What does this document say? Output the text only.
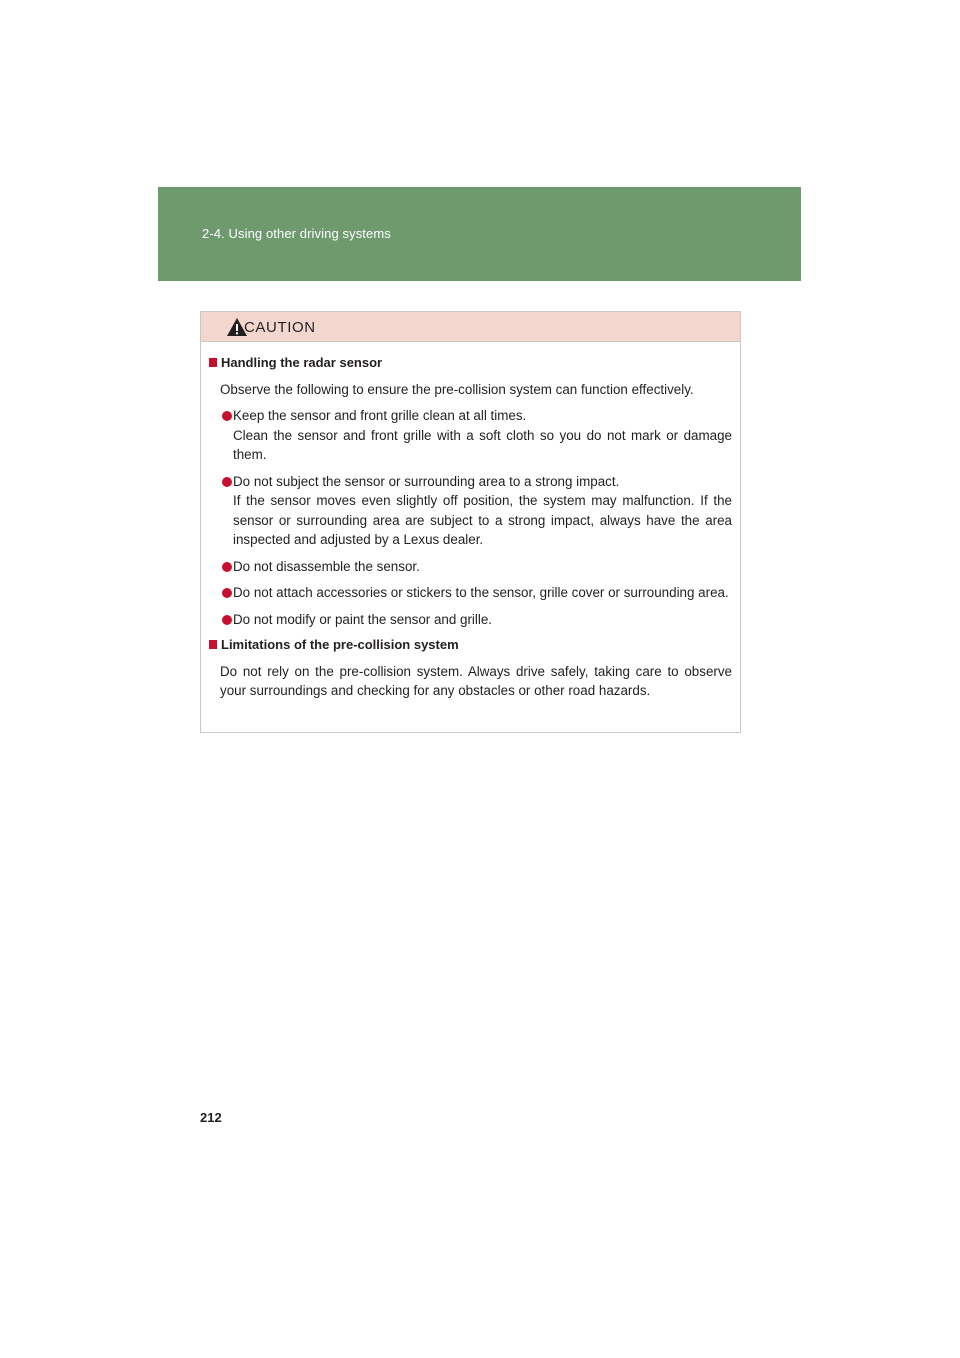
2-4. Using other driving systems
CAUTION
Handling the radar sensor

Observe the following to ensure the pre-collision system can function effectively.

Keep the sensor and front grille clean at all times.
Clean the sensor and front grille with a soft cloth so you do not mark or damage them.
Do not subject the sensor or surrounding area to a strong impact.
If the sensor moves even slightly off position, the system may malfunction. If the sensor or surrounding area are subject to a strong impact, always have the area inspected and adjusted by a Lexus dealer.
Do not disassemble the sensor.
Do not attach accessories or stickers to the sensor, grille cover or surrounding area.
Do not modify or paint the sensor and grille.
Limitations of the pre-collision system

Do not rely on the pre-collision system. Always drive safely, taking care to observe your surroundings and checking for any obstacles or other road hazards.

212
